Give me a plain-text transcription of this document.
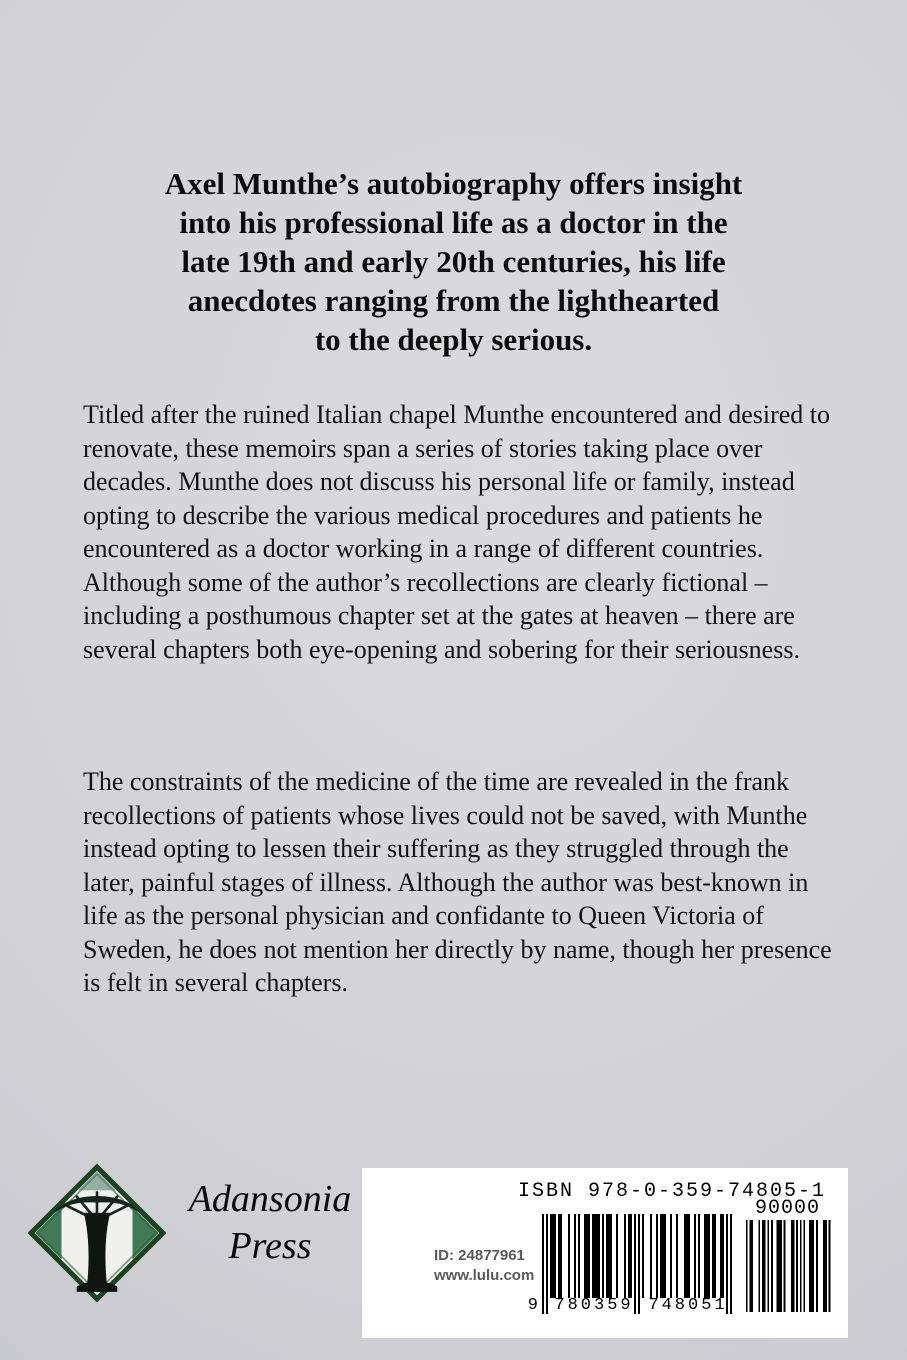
Axel Munthe’s autobiography offers insight
into his professional life as a doctor in the
late 19th and early 20th centuries, his life
anecdotes ranging from the lighthearted
to the deeply serious.

Titled after the ruined Italian chapel Munthe encountered and desired to renovate, these memoirs span a series of stories taking place over decades. Munthe does not discuss his personal life or family, instead opting to describe the various medical procedures and patients he encountered as a doctor working in a range of different countries. Although some of the author’s recollections are clearly fictional – including a posthumous chapter set at the gates at heaven – there are several chapters both eye-opening and sobering for their seriousness.

The constraints of the medicine of the time are revealed in the frank recollections of patients whose lives could not be saved, with Munthe instead opting to lessen their suffering as they struggled through the later, painful stages of illness. Although the author was best-known in life as the personal physician and confidante to Queen Victoria of Sweden, he does not mention her directly by name, though her presence is felt in several chapters.

Adansonia
Press
ISBN 978-0-359-74805-1
90000
9 780359 748051
ID: 24877961
www.lulu.com
